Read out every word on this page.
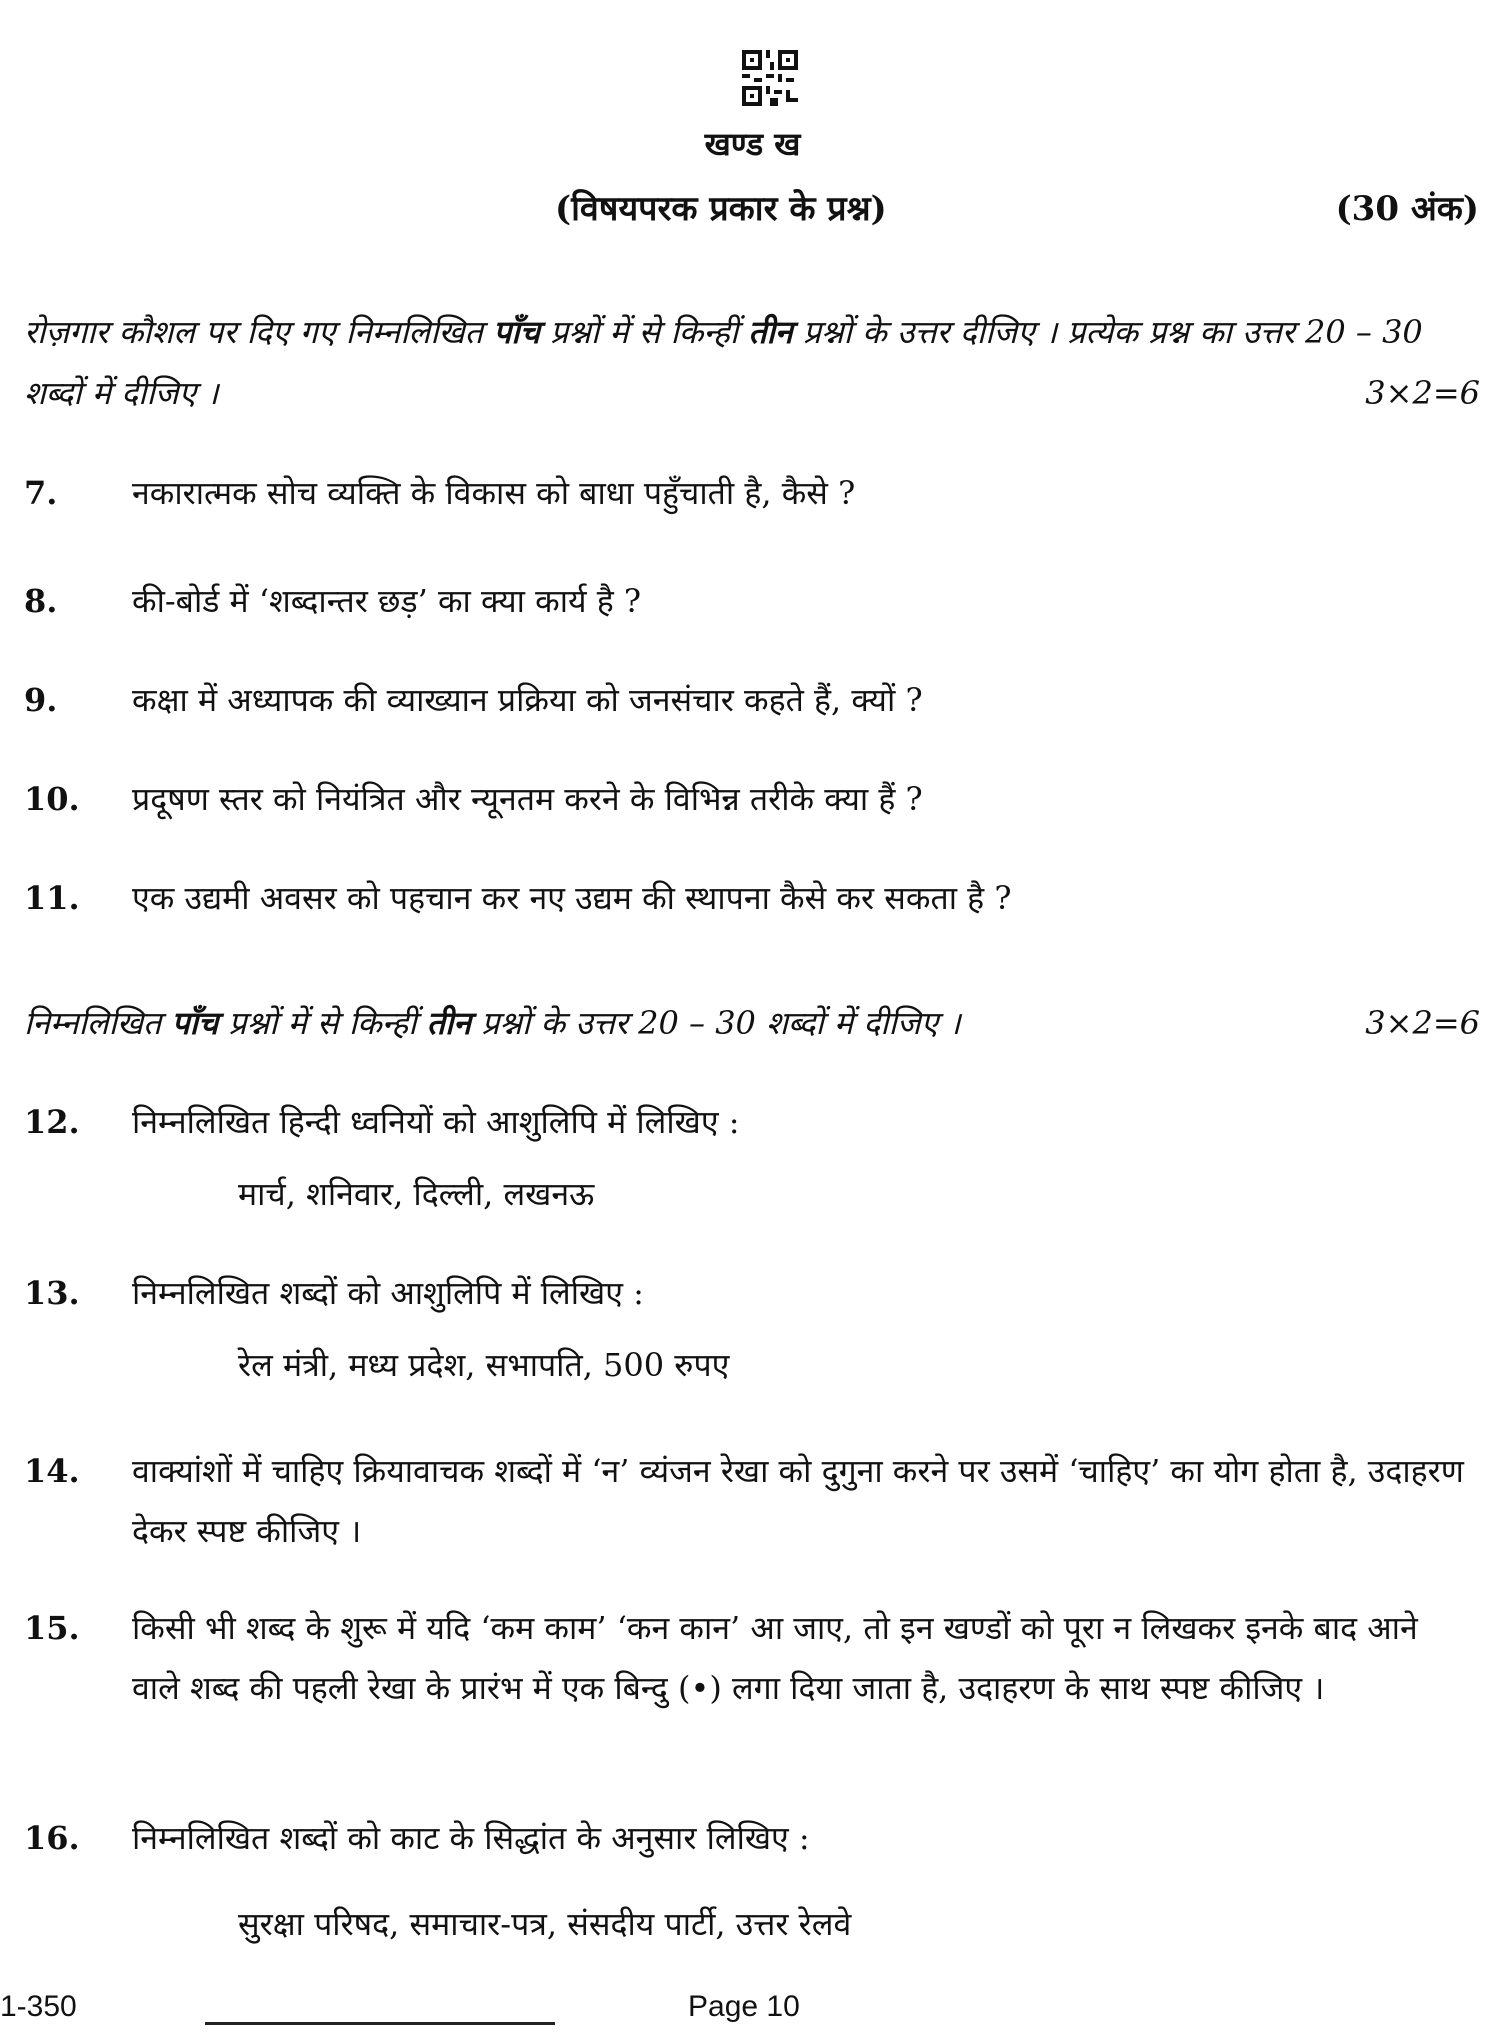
खण्ड ख
(विषयपरक प्रकार के प्रश्न)	(30 अंक)
रोज़गार कौशल पर दिए गए निम्नलिखित पाँच प्रश्नों में से किन्हीं तीन प्रश्नों के उत्तर दीजिए । प्रत्येक प्रश्न का उत्तर 20 – 30 शब्दों में दीजिए ।	3×2=6
7. नकारात्मक सोच व्यक्ति के विकास को बाधा पहुँचाती है, कैसे ?
8. की-बोर्ड में ‘शब्दान्तर छड़’ का क्या कार्य है ?
9. कक्षा में अध्यापक की व्याख्यान प्रक्रिया को जनसंचार कहते हैं, क्यों ?
10. प्रदूषण स्तर को नियंत्रित और न्यूनतम करने के विभिन्न तरीके क्या हैं ?
11. एक उद्यमी अवसर को पहचान कर नए उद्यम की स्थापना कैसे कर सकता है ?
निम्नलिखित पाँच प्रश्नों में से किन्हीं तीन प्रश्नों के उत्तर 20 – 30 शब्दों में दीजिए ।	3×2=6
12. निम्नलिखित हिन्दी ध्वनियों को आशुलिपि में लिखिए :
मार्च, शनिवार, दिल्ली, लखनऊ
13. निम्नलिखित शब्दों को आशुलिपि में लिखिए :
रेल मंत्री, मध्य प्रदेश, सभापति, 500 रुपए
14. वाक्यांशों में चाहिए क्रियावाचक शब्दों में ‘न’ व्यंजन रेखा को दुगुना करने पर उसमें ‘चाहिए’ का योग होता है, उदाहरण देकर स्पष्ट कीजिए ।
15. किसी भी शब्द के शुरू में यदि ‘कम काम’ ‘कन कान’ आ जाए, तो इन खण्डों को पूरा न लिखकर इनके बाद आने वाले शब्द की पहली रेखा के प्रारंभ में एक बिन्दु (•) लगा दिया जाता है, उदाहरण के साथ स्पष्ट कीजिए ।
16. निम्नलिखित शब्दों को काट के सिद्धांत के अनुसार लिखिए :
सुरक्षा परिषद, समाचार-पत्र, संसदीय पार्टी, उत्तर रेलवे
1-350	Page 10
